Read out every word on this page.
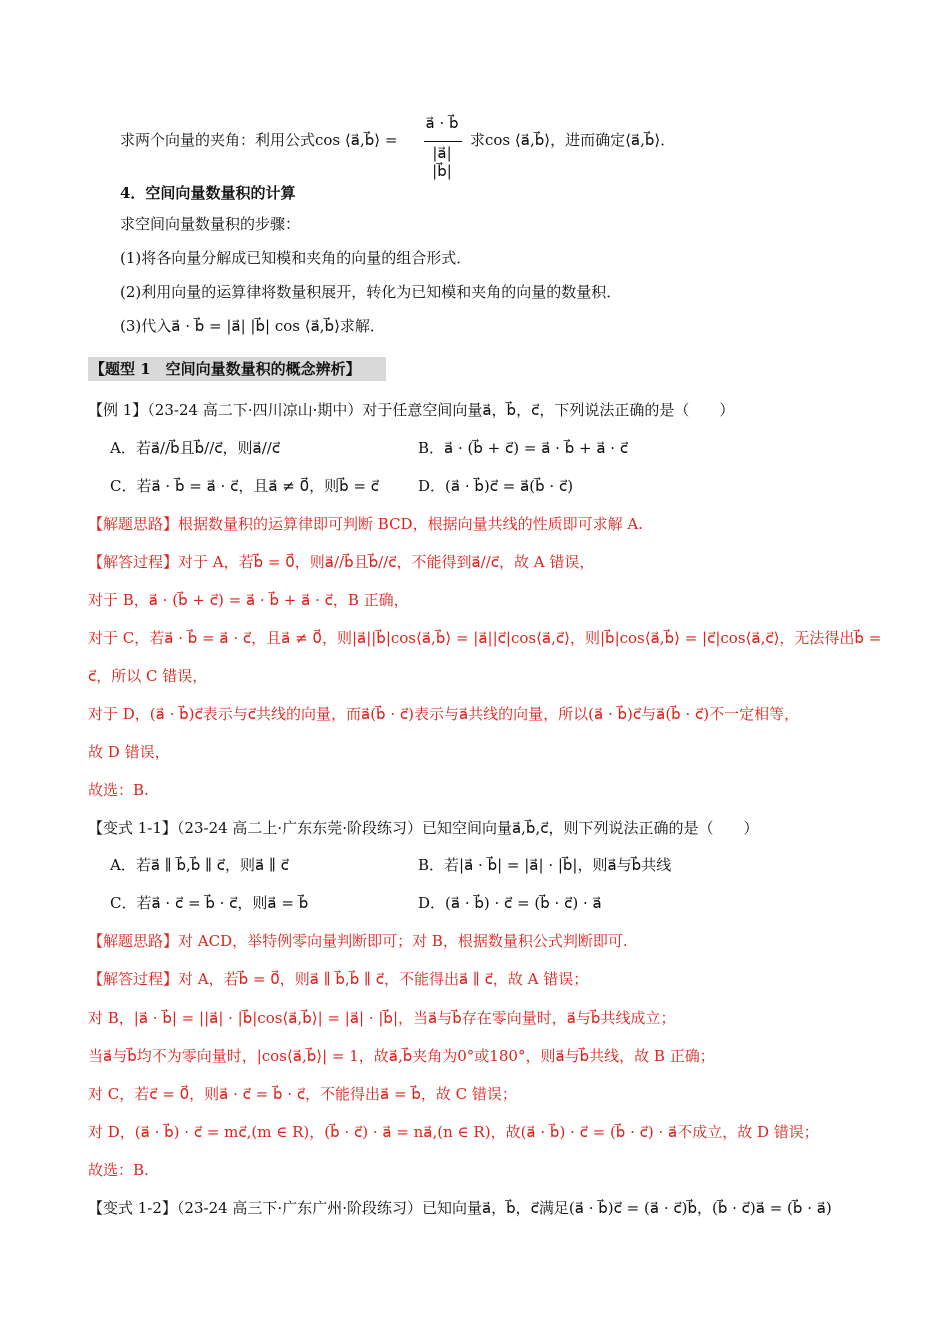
求两个向量的夹角：利用公式cos ⟨a⃗,b⃗⟩ =
a⃗ · b⃗
|a⃗| |b⃗|
求cos ⟨a⃗,b⃗⟩，进而确定⟨a⃗,b⃗⟩．
4．空间向量数量积的计算
求空间向量数量积的步骤：
(1)将各向量分解成已知模和夹角的向量的组合形式．
(2)利用向量的运算律将数量积展开，转化为已知模和夹角的向量的数量积．
(3)代入a⃗ · b⃗ = |a⃗| |b⃗| cos ⟨a⃗,b⃗⟩求解．
【题型 1　空间向量数量积的概念辨析】
【例 1】（23-24 高二下·四川凉山·期中）对于任意空间向量a⃗，b⃗，c⃗，下列说法正确的是（　　）
A．若a⃗//b⃗且b⃗//c⃗，则a⃗//c⃗	B．a⃗ · (b⃗ + c⃗) = a⃗ · b⃗ + a⃗ · c⃗
C．若a⃗ · b⃗ = a⃗ · c⃗，且a⃗ ≠ 0⃗，则b⃗ = c⃗	D．(a⃗ · b⃗)c⃗ = a⃗(b⃗ · c⃗)
【解题思路】根据数量积的运算律即可判断 BCD，根据向量共线的性质即可求解 A.
【解答过程】对于 A，若b⃗ = 0⃗，则a⃗//b⃗且b⃗//c⃗，不能得到a⃗//c⃗，故 A 错误，
对于 B，a⃗ · (b⃗ + c⃗) = a⃗ · b⃗ + a⃗ · c⃗，B 正确，
对于 C，若a⃗ · b⃗ = a⃗ · c⃗，且a⃗ ≠ 0⃗，则|a⃗||b⃗|cos⟨a⃗,b⃗⟩ = |a⃗||c⃗|cos⟨a⃗,c⃗⟩，则|b⃗|cos⟨a⃗,b⃗⟩ = |c⃗|cos⟨a⃗,c⃗⟩，无法得出b⃗ =
c⃗，所以 C 错误，
对于 D，(a⃗ · b⃗)c⃗表示与c⃗共线的向量，而a⃗(b⃗ · c⃗)表示与a⃗共线的向量，所以(a⃗ · b⃗)c⃗与a⃗(b⃗ · c⃗)不一定相等，
故 D 错误，
故选：B.
【变式 1-1】（23-24 高二上·广东东莞·阶段练习）已知空间向量a⃗,b⃗,c⃗，则下列说法正确的是（　　）
A．若a⃗ ∥ b⃗,b⃗ ∥ c⃗，则a⃗ ∥ c⃗	B．若|a⃗ · b⃗| = |a⃗| · |b⃗|，则a⃗与b⃗共线
C．若a⃗ · c⃗ = b⃗ · c⃗，则a⃗ = b⃗	D．(a⃗ · b⃗) · c⃗ = (b⃗ · c⃗) · a⃗
【解题思路】对 ACD，举特例零向量判断即可；对 B，根据数量积公式判断即可.
【解答过程】对 A，若b⃗ = 0⃗，则a⃗ ∥ b⃗,b⃗ ∥ c⃗，不能得出a⃗ ∥ c⃗，故 A 错误；
对 B，|a⃗ · b⃗| = ||a⃗| · |b⃗|cos⟨a⃗,b⃗⟩| = |a⃗| · |b⃗|，当a⃗与b⃗存在零向量时，a⃗与b⃗共线成立；
当a⃗与b⃗均不为零向量时，|cos⟨a⃗,b⃗⟩| = 1，故a⃗,b⃗夹角为0°或180°，则a⃗与b⃗共线，故 B 正确；
对 C，若c⃗ = 0⃗，则a⃗ · c⃗ = b⃗ · c⃗，不能得出a⃗ = b⃗，故 C 错误；
对 D，(a⃗ · b⃗) · c⃗ = mc⃗,(m ∈ R)，(b⃗ · c⃗) · a⃗ = na⃗,(n ∈ R)，故(a⃗ · b⃗) · c⃗ = (b⃗ · c⃗) · a⃗不成立，故 D 错误；
故选：B.
【变式 1-2】（23-24 高三下·广东广州·阶段练习）已知向量a⃗，b⃗，c⃗满足(a⃗ · b⃗)c⃗ = (a⃗ · c⃗)b⃗，(b⃗ · c⃗)a⃗ = (b⃗ · a⃗)
